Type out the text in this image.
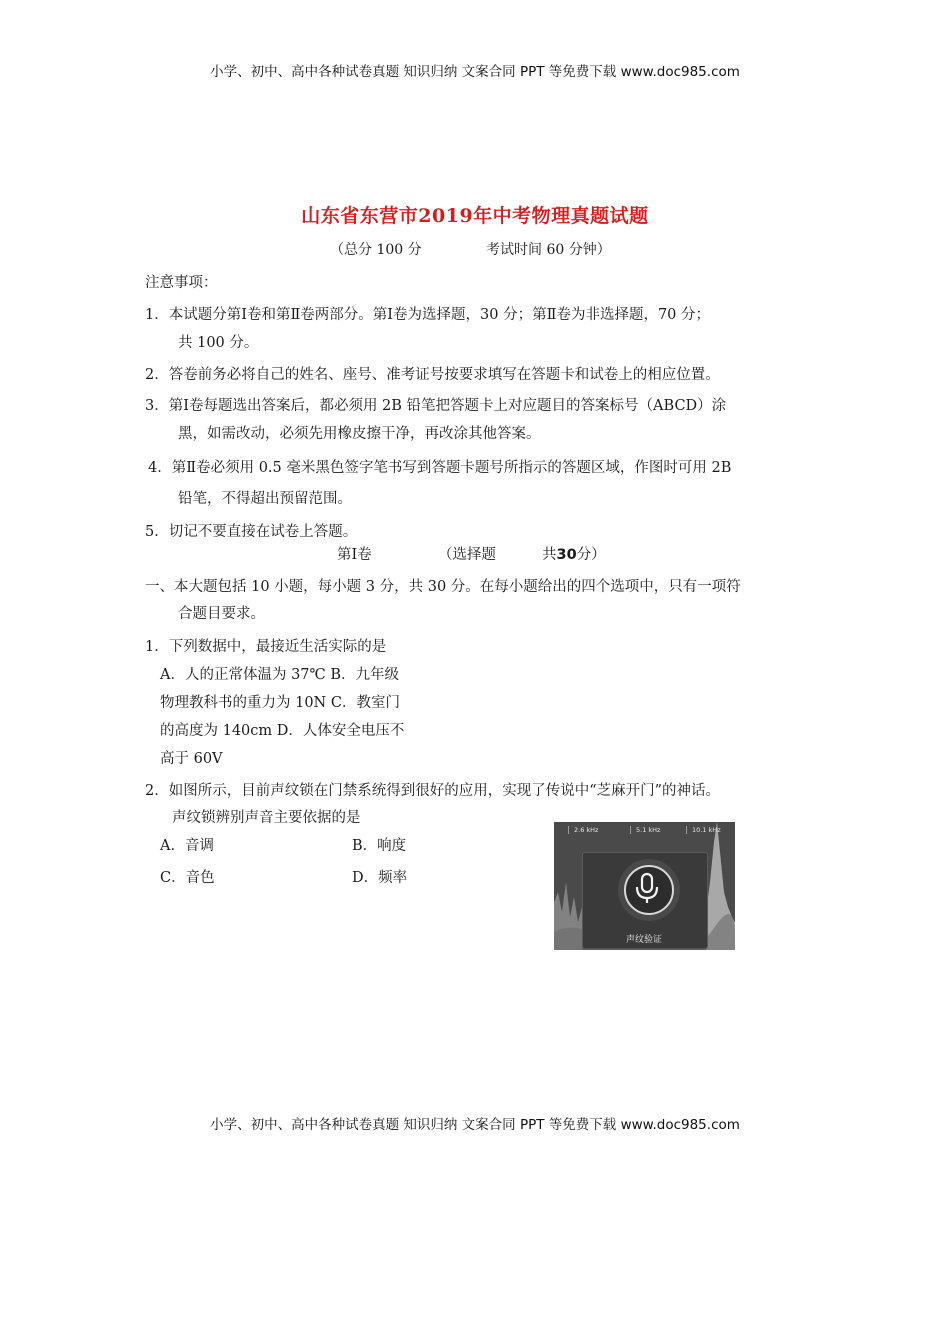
小学、初中、高中各种试卷真题 知识归纳 文案合同 PPT 等免费下载 www.doc985.com
山东省东营市2019年中考物理真题试题
（总分 100 分	考试时间 60 分钟）
注意事项：
1．本试题分第Ⅰ卷和第Ⅱ卷两部分。第Ⅰ卷为选择题，30 分；第Ⅱ卷为非选择题，70 分；
共 100 分。
2．答卷前务必将自己的姓名、座号、准考证号按要求填写在答题卡和试卷上的相应位置。
3．第Ⅰ卷每题选出答案后，都必须用 2B 铅笔把答题卡上对应题目的答案标号（ABCD）涂
黑，如需改动，必须先用橡皮擦干净，再改涂其他答案。
4．第Ⅱ卷必须用 0.5 毫米黑色签字笔书写到答题卡题号所指示的答题区域，作图时可用 2B
铅笔，不得超出预留范围。
5．切记不要直接在试卷上答题。
第Ⅰ卷	（选择题	共30分）
一、本大题包括 10 小题，每小题 3 分，共 30 分。在每小题给出的四个选项中，只有一项符
合题目要求。
1．下列数据中，最接近生活实际的是
A．人的正常体温为 37℃ B．九年级
物理教科书的重力为 10N C．教室门
的高度为 140cm D．人体安全电压不
高于 60V
2．如图所示，目前声纹锁在门禁系统得到很好的应用，实现了传说中“芝麻开门”的神话。
声纹锁辨别声音主要依据的是
A．音调	B．响度
C．音色	D．频率
2.6 kHz	5.1 kHz	10.1 kHz
声纹验证
小学、初中、高中各种试卷真题 知识归纳 文案合同 PPT 等免费下载 www.doc985.com
